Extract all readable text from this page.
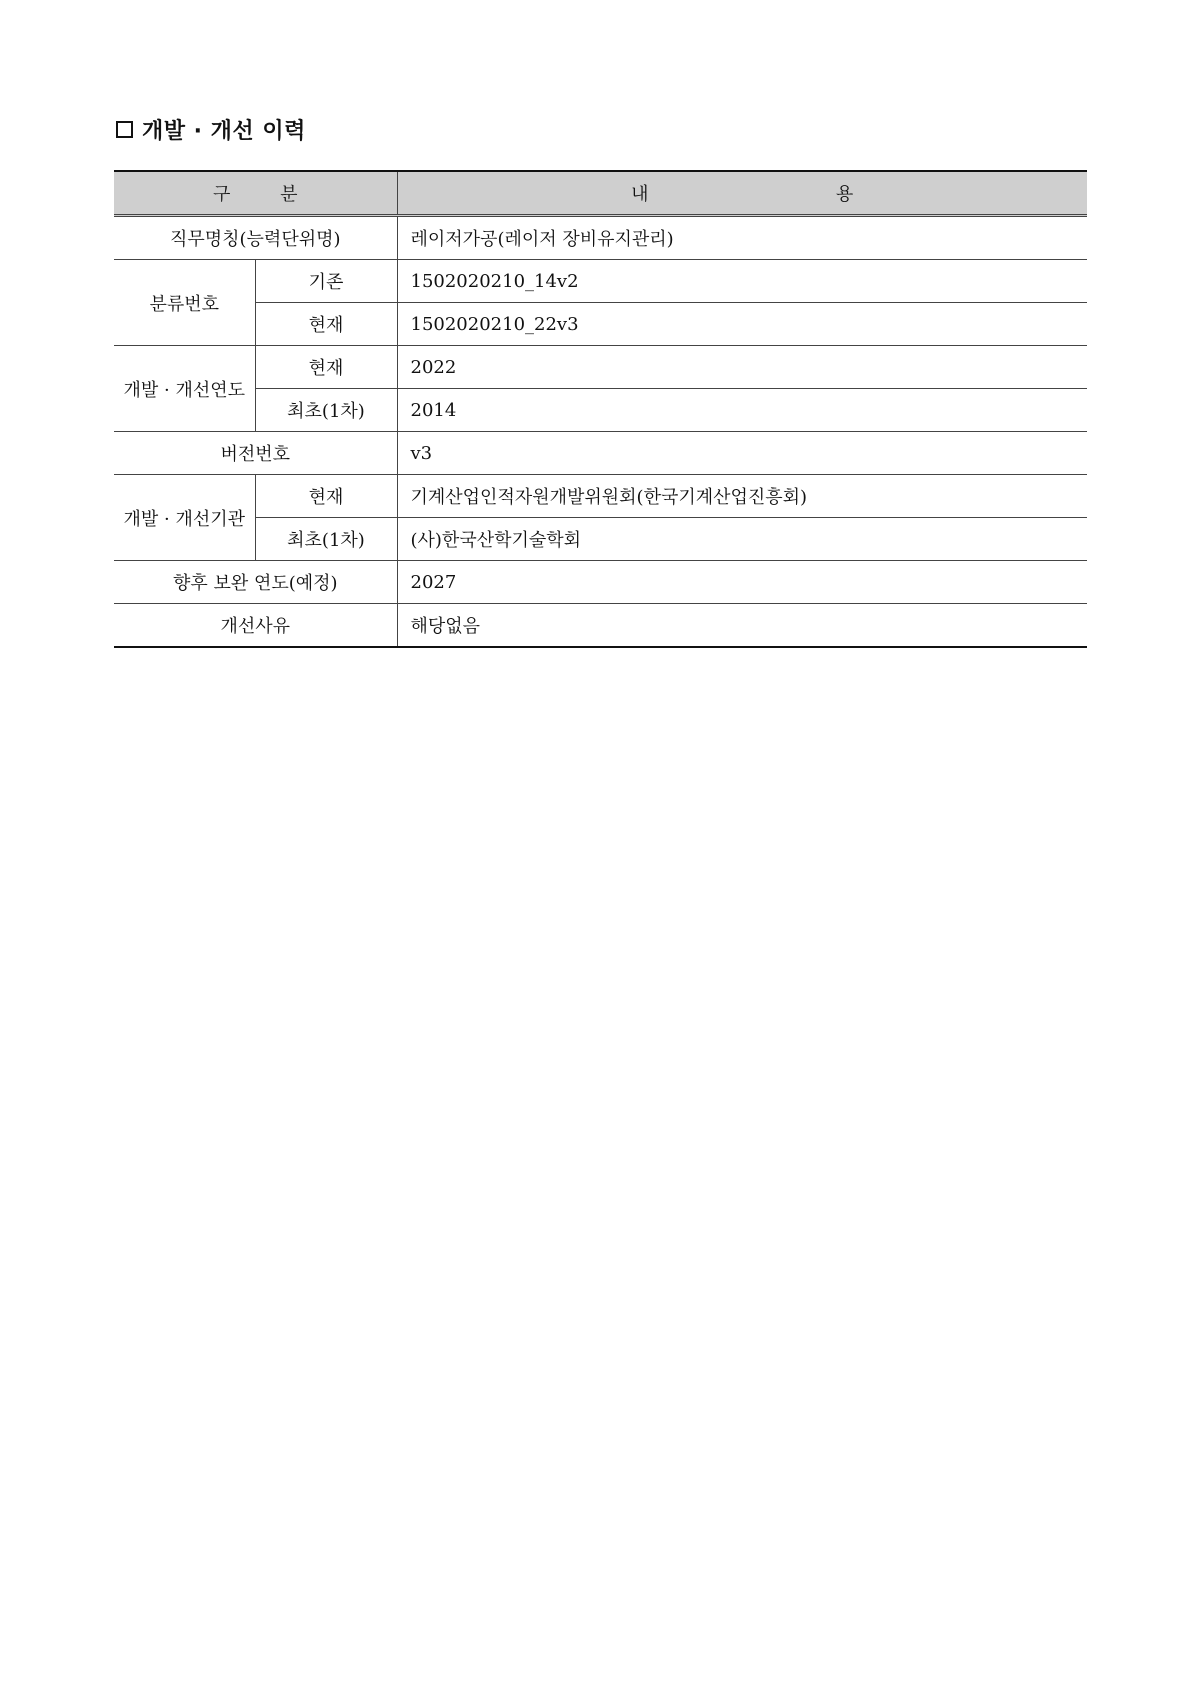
개발 · 개선 이력
구 분		내 용

직무명칭(능력단위명)		레이저가공(레이저 장비유지관리)
분류번호	기존	1502020210_14v2
	현재	1502020210_22v3
개발 · 개선연도	현재	2022
	최초(1차)	2014
버전번호		v3
개발 · 개선기관	현재	기계산업인적자원개발위원회(한국기계산업진흥회)
	최초(1차)	(사)한국산학기술학회
향후 보완 연도(예정)		2027
개선사유		해당없음
